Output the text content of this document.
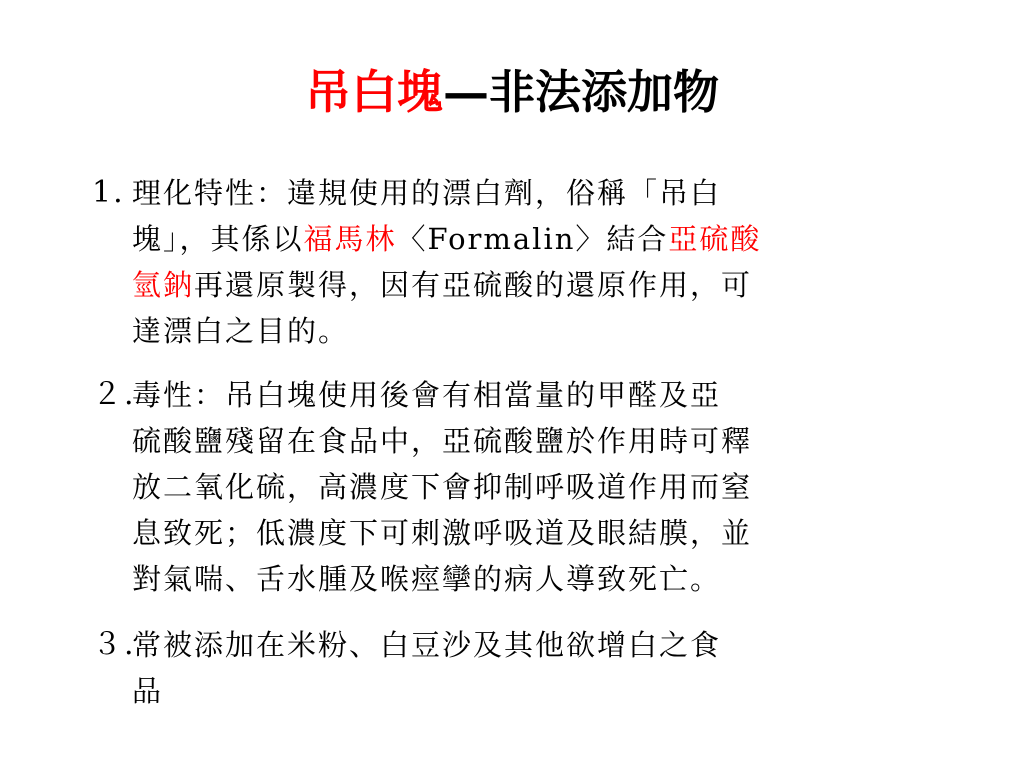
吊白塊—非法添加物
1. 理化特性：違規使用的漂白劑，俗稱「吊白
塊」，其係以福馬林〈Formalin〉結合亞硫酸
氫鈉再還原製得，因有亞硫酸的還原作用，可
達漂白之目的。
２.
毒性：吊白塊使用後會有相當量的甲醛及亞
硫酸鹽殘留在食品中，亞硫酸鹽於作用時可釋
放二氧化硫，高濃度下會抑制呼吸道作用而窒
息致死；低濃度下可刺激呼吸道及眼結膜，並
對氣喘、舌水腫及喉痙攣的病人導致死亡。
３.
常被添加在米粉、白豆沙及其他欲增白之食
品
